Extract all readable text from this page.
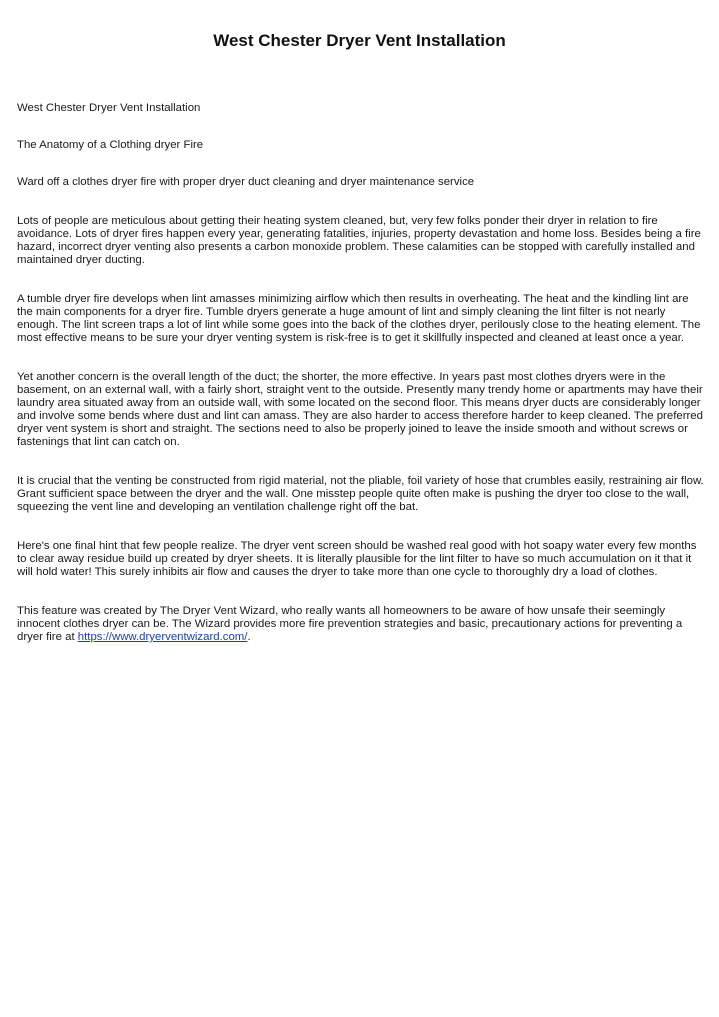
West Chester Dryer Vent Installation

West Chester Dryer Vent Installation

The Anatomy of a Clothing dryer Fire

Ward off a clothes dryer fire with proper dryer duct cleaning and dryer maintenance service

Lots of people are meticulous about getting their heating system cleaned, but, very few folks ponder their dryer in relation to fire avoidance. Lots of dryer fires happen every year, generating fatalities, injuries, property devastation and home loss. Besides being a fire hazard, incorrect dryer venting also presents a carbon monoxide problem. These calamities can be stopped with carefully installed and maintained dryer ducting.

A tumble dryer fire develops when lint amasses minimizing airflow which then results in overheating. The heat and the kindling lint are the main components for a dryer fire. Tumble dryers generate a huge amount of lint and simply cleaning the lint filter is not nearly enough. The lint screen traps a lot of lint while some goes into the back of the clothes dryer, perilously close to the heating element. The most effective means to be sure your dryer venting system is risk-free is to get it skillfully inspected and cleaned at least once a year.

Yet another concern is the overall length of the duct; the shorter, the more effective. In years past most clothes dryers were in the basement, on an external wall, with a fairly short, straight vent to the outside. Presently many trendy home or apartments may have their laundry area situated away from an outside wall, with some located on the second floor. This means dryer ducts are considerably longer and involve some bends where dust and lint can amass. They are also harder to access therefore harder to keep cleaned. The preferred dryer vent system is short and straight. The sections need to also be properly joined to leave the inside smooth and without screws or fastenings that lint can catch on.

It is crucial that the venting be constructed from rigid material, not the pliable, foil variety of hose that crumbles easily, restraining air flow. Grant sufficient space between the dryer and the wall. One misstep people quite often make is pushing the dryer too close to the wall, squeezing the vent line and developing an ventilation challenge right off the bat.

Here's one final hint that few people realize. The dryer vent screen should be washed real good with hot soapy water every few months to clear away residue build up created by dryer sheets. It is literally plausible for the lint filter to have so much accumulation on it that it will hold water! This surely inhibits air flow and causes the dryer to take more than one cycle to thoroughly dry a load of clothes.

This feature was created by The Dryer Vent Wizard, who really wants all homeowners to be aware of how unsafe their seemingly innocent clothes dryer can be. The Wizard provides more fire prevention strategies and basic, precautionary actions for preventing a dryer fire at https://www.dryerventwizard.com/.
